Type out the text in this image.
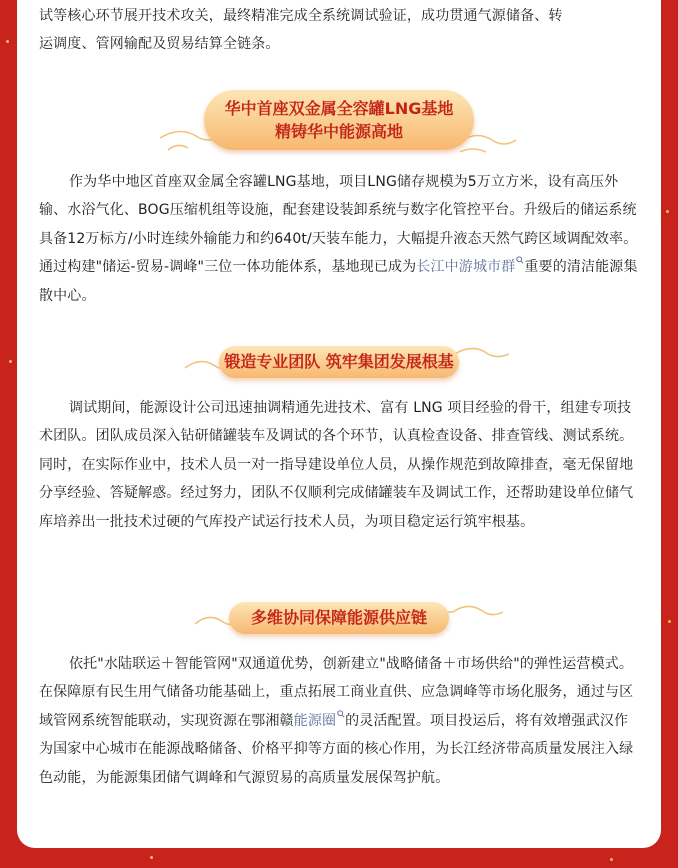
试等核心环节展开技术攻关，最终精准完成全系统调试验证，成功贯通气源储备、转
运调度、管网输配及贸易结算全链条。

华中首座双金属全容罐LNG基地
精铸华中能源高地

作为华中地区首座双金属全容罐LNG基地，项目LNG储存规模为5万立方米，设有高压外输、水浴气化、BOG压缩机组等设施，配套建设装卸系统与数字化管控平台。升级后的储运系统具备12万标方/小时连续外输能力和约640t/天装车能力，大幅提升液态天然气跨区域调配效率。通过构建"储运-贸易-调峰"三位一体功能体系，基地现已成为长江中游城市群 重要的清洁能源集散中心。

锻造专业团队 筑牢集团发展根基

调试期间，能源设计公司迅速抽调精通先进技术、富有 LNG 项目经验的骨干，组建专项技术团队。团队成员深入钻研储罐装车及调试的各个环节，认真检查设备、排查管线、测试系统。同时，在实际作业中，技术人员一对一指导建设单位人员，从操作规范到故障排查，毫无保留地分享经验、答疑解惑。经过努力，团队不仅顺利完成储罐装车及调试工作，还帮助建设单位储气库培养出一批技术过硬的气库投产试运行技术人员，为项目稳定运行筑牢根基。

多维协同保障能源供应链

依托"水陆联运＋智能管网"双通道优势，创新建立"战略储备＋市场供给"的弹性运营模式。在保障原有民生用气储备功能基础上，重点拓展工商业直供、应急调峰等市场化服务，通过与区域管网系统智能联动，实现资源在鄂湘赣能源圈 的灵活配置。项目投运后，将有效增强武汉作为国家中心城市在能源战略储备、价格平抑等方面的核心作用，为长江经济带高质量发展注入绿色动能，为能源集团储气调峰和气源贸易的高质量发展保驾护航。
